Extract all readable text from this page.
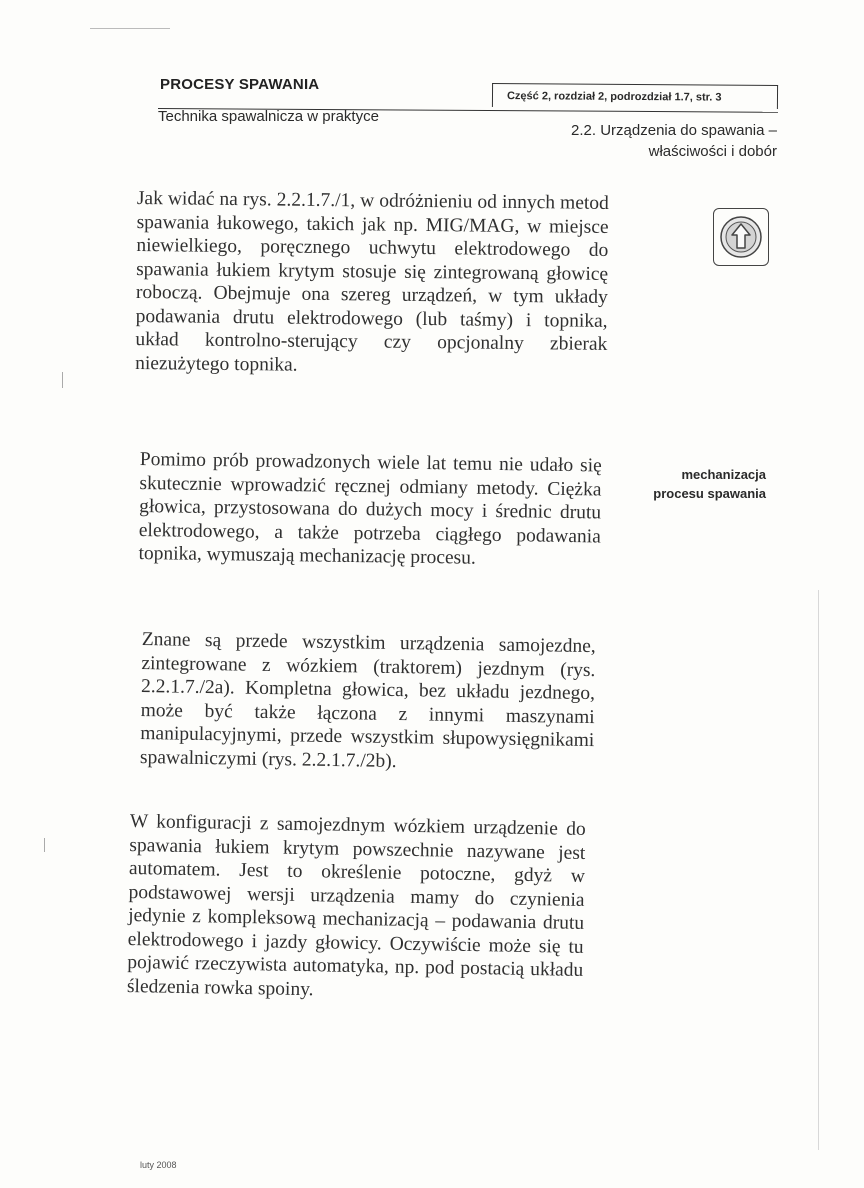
PROCESY SPAWANIA
Technika spawalnicza w praktyce
Część 2, rozdział 2, podrozdział 1.7, str. 3
2.2. Urządzenia do spawania –
właściwości i dobór
mechanizacja
procesu spawania

Jak widać na rys. 2.2.1.7./1, w odróżnieniu od innych metod spawania łukowego, takich jak np. MIG/MAG, w miejsce niewielkiego, poręcznego uchwytu elektrodowego do spawania łukiem krytym stosuje się zintegrowaną głowicę roboczą. Obejmuje ona szereg urządzeń, w tym układy podawania drutu elektrodowego (lub taśmy) i topnika, układ kontrolno-sterujący czy opcjonalny zbierak niezużytego topnika.

Pomimo prób prowadzonych wiele lat temu nie udało się skutecznie wprowadzić ręcznej odmiany metody. Ciężka głowica, przystosowana do dużych mocy i średnic drutu elektrodowego, a także potrzeba ciągłego podawania topnika, wymuszają mechanizację procesu.

Znane są przede wszystkim urządzenia samojezdne, zintegrowane z wózkiem (traktorem) jezdnym (rys. 2.2.1.7./2a). Kompletna głowica, bez układu jezdnego, może być także łączona z innymi maszynami manipulacyjnymi, przede wszystkim słupowysięgnikami spawalniczymi (rys. 2.2.1.7./2b).

W konfiguracji z samojezdnym wózkiem urządzenie do spawania łukiem krytym powszechnie nazywane jest automatem. Jest to określenie potoczne, gdyż w podstawowej wersji urządzenia mamy do czynienia jedynie z kompleksową mechanizacją – podawania drutu elektrodowego i jazdy głowicy. Oczywiście może się tu pojawić rzeczywista automatyka, np. pod postacią układu śledzenia rowka spoiny.

luty 2008
